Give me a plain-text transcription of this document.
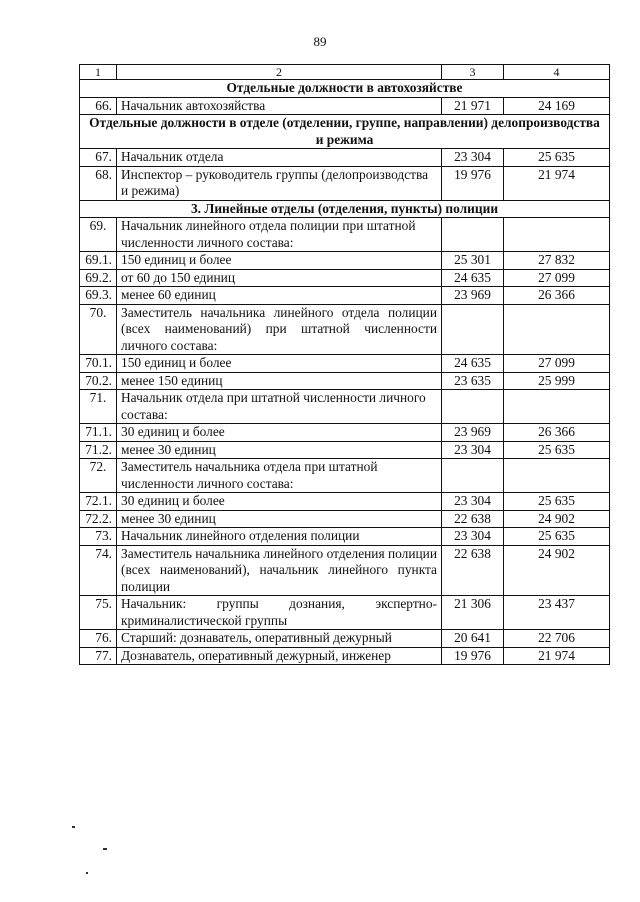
89
1	2	3	4
Отдельные должности в автохозяйстве			
66.	Начальник автохозяйства	21 971	24 169
Отдельные должности в отделе (отделении, группе, направлении) делопроизводства и режима			
67.	Начальник отдела	23 304	25 635
68.	Инспектор – руководитель группы (делопроизводства и режима)	19 976	21 974
3. Линейные отделы (отделения, пункты) полиции			
69.	Начальник линейного отдела полиции при штатной численности личного состава:		
69.1.	150 единиц и более	25 301	27 832
69.2.	от 60 до 150 единиц	24 635	27 099
69.3.	менее 60 единиц	23 969	26 366
70.	Заместитель начальника линейного отдела полиции (всех наименований) при штатной численности личного состава:		
70.1.	150 единиц и более	24 635	27 099
70.2.	менее 150 единиц	23 635	25 999
71.	Начальник отдела при штатной численности личного состава:		
71.1.	30 единиц и более	23 969	26 366
71.2.	менее 30 единиц	23 304	25 635
72.	Заместитель начальника отдела при штатной численности личного состава:		
72.1.	30 единиц и более	23 304	25 635
72.2.	менее 30 единиц	22 638	24 902
73.	Начальник линейного отделения полиции	23 304	25 635
74.	Заместитель начальника линейного отделения полиции (всех наименований), начальник линейного пункта полиции	22 638	24 902
75.	Начальник: группы дознания, экспертно-криминалистической группы	21 306	23 437
76.	Старший: дознаватель, оперативный дежурный	20 641	22 706
77.	Дознаватель, оперативный дежурный, инженер	19 976	21 974
